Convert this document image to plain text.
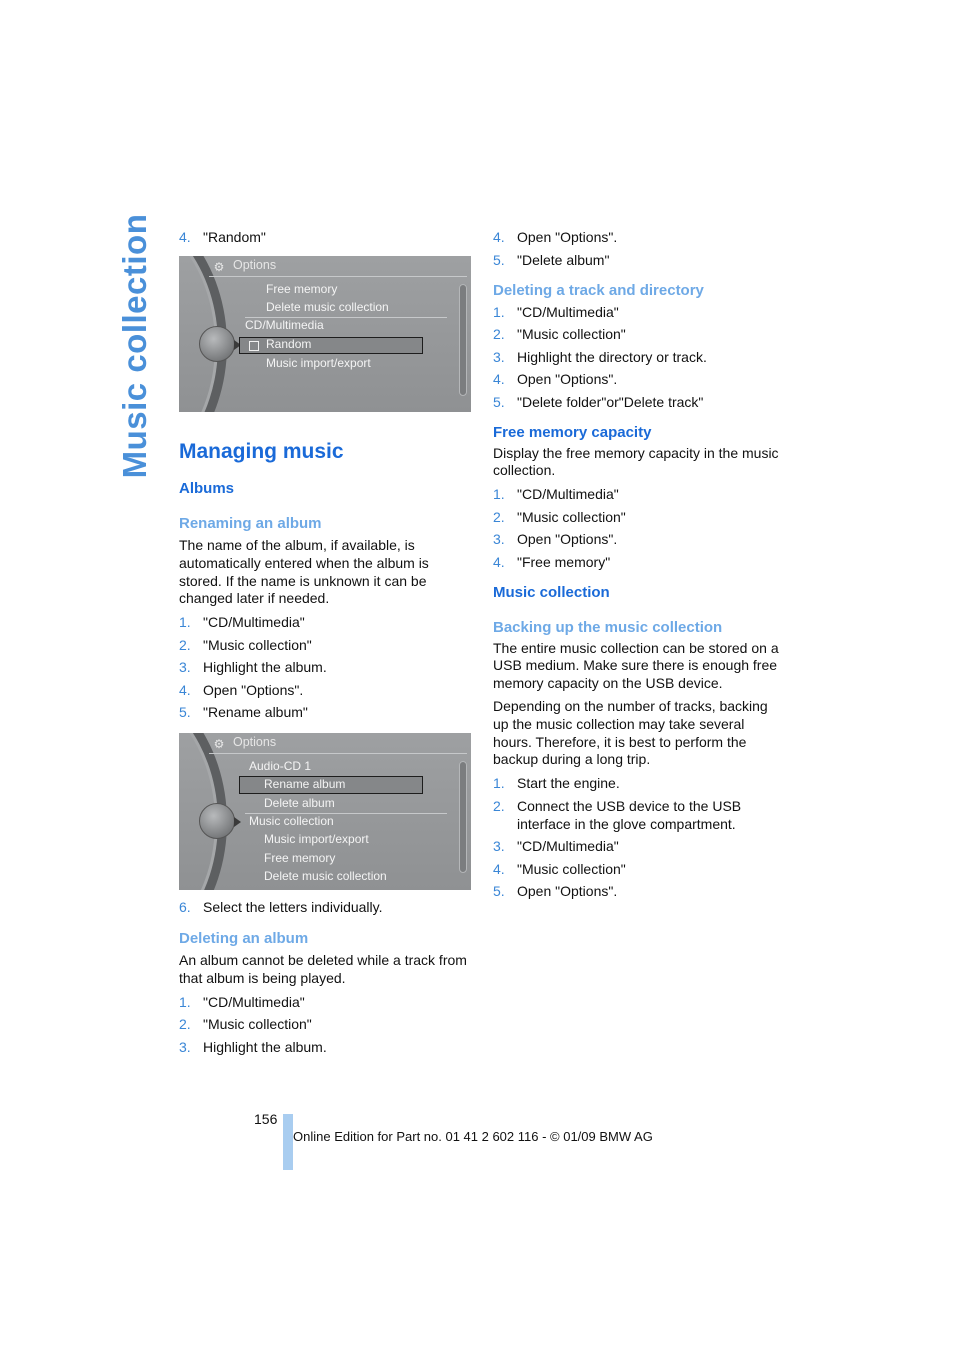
Music collection 4. "Random"
⚙ Options
Free memory
Delete music collection
CD/Multimedia
Random
Music import/export
Managing music
Albums
Renaming an album

The name of the album, if available, is automatically entered when the album is stored. If the name is unknown it can be changed later if needed.

1. "CD/Multimedia"
2. "Music collection"
3. Highlight the album.
4. Open "Options".
5. "Rename album"
⚙ Options
Audio-CD 1
Rename album
Delete album
Music collection
Music import/export
Free memory
Delete music collection
6. Select the letters individually.
Deleting an album

An album cannot be deleted while a track from that album is being played.

1. "CD/Multimedia"
2. "Music collection"
3. Highlight the album.
4. Open "Options".
5. "Delete album"
Deleting a track and directory
1. "CD/Multimedia"
2. "Music collection"
3. Highlight the directory or track.
4. Open "Options".
5. "Delete folder"or"Delete track"
Free memory capacity

Display the free memory capacity in the music collection.

1. "CD/Multimedia"
2. "Music collection"
3. Open "Options".
4. "Free memory"
Music collection
Backing up the music collection

The entire music collection can be stored on a USB medium. Make sure there is enough free memory capacity on the USB device.

Depending on the number of tracks, backing up the music collection may take several hours. Therefore, it is best to perform the backup during a long trip.

1. Start the engine.
2. Connect the USB device to the USB interface in the glove compartment.
3. "CD/Multimedia"
4. "Music collection"
5. Open "Options".
156
Online Edition for Part no. 01 41 2 602 116 - © 01/09 BMW AG
